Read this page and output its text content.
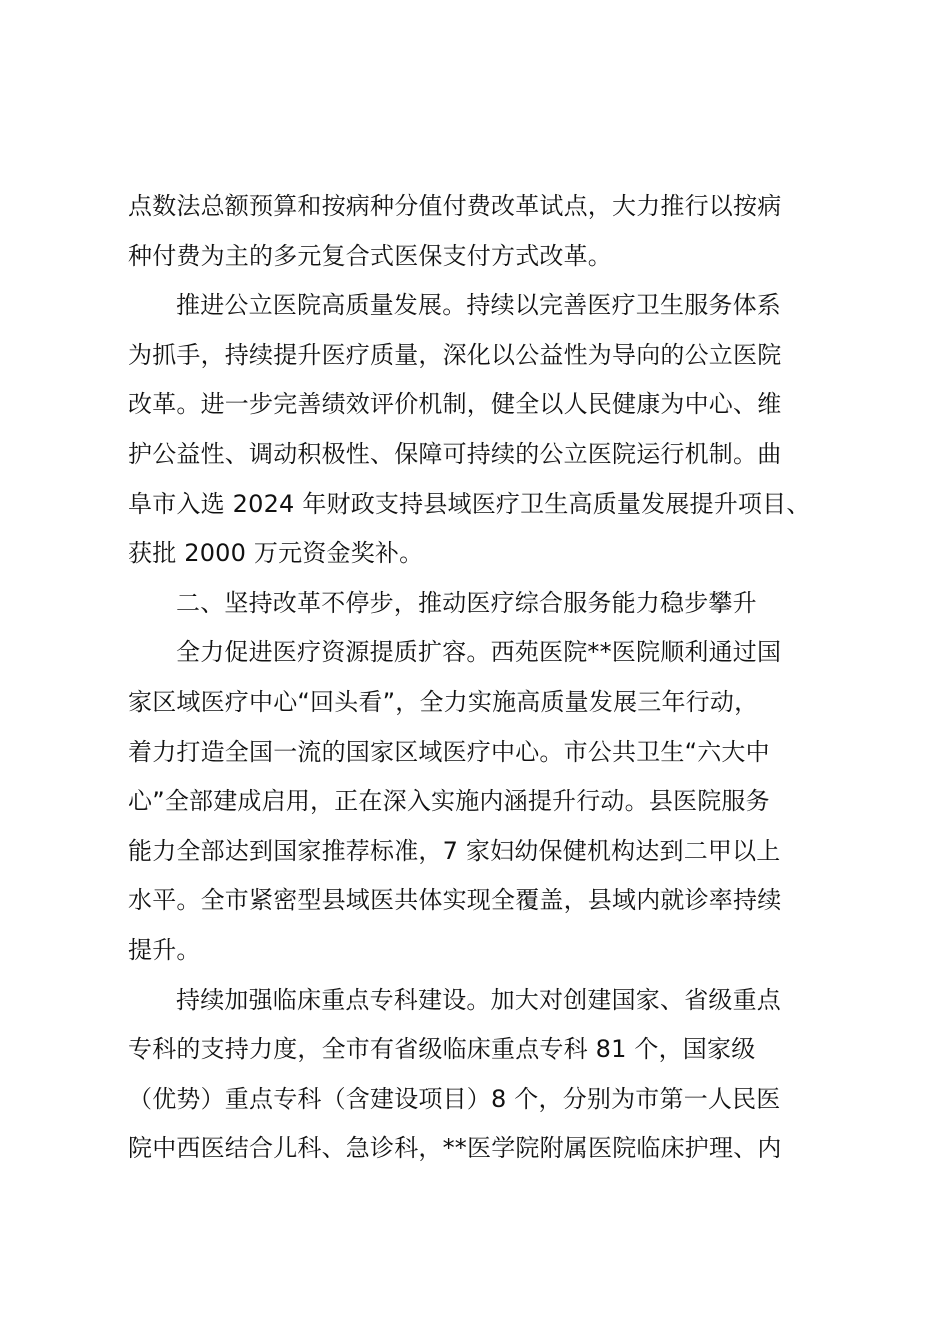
点数法总额预算和按病种分值付费改革试点，大力推行以按病
种付费为主的多元复合式医保支付方式改革。
推进公立医院高质量发展。持续以完善医疗卫生服务体系
为抓手，持续提升医疗质量，深化以公益性为导向的公立医院
改革。进一步完善绩效评价机制，健全以人民健康为中心、维
护公益性、调动积极性、保障可持续的公立医院运行机制。曲
阜市入选 2024 年财政支持县域医疗卫生高质量发展提升项目、
获批 2000 万元资金奖补。
二、坚持改革不停步，推动医疗综合服务能力稳步攀升
全力促进医疗资源提质扩容。西苑医院**医院顺利通过国
家区域医疗中心“回头看”，全力实施高质量发展三年行动，
着力打造全国一流的国家区域医疗中心。市公共卫生“六大中
心”全部建成启用，正在深入实施内涵提升行动。县医院服务
能力全部达到国家推荐标准，7 家妇幼保健机构达到二甲以上
水平。全市紧密型县域医共体实现全覆盖，县域内就诊率持续
提升。
持续加强临床重点专科建设。加大对创建国家、省级重点
专科的支持力度，全市有省级临床重点专科 81 个，国家级
（优势）重点专科（含建设项目）8 个，分别为市第一人民医
院中西医结合儿科、急诊科，**医学院附属医院临床护理、内
